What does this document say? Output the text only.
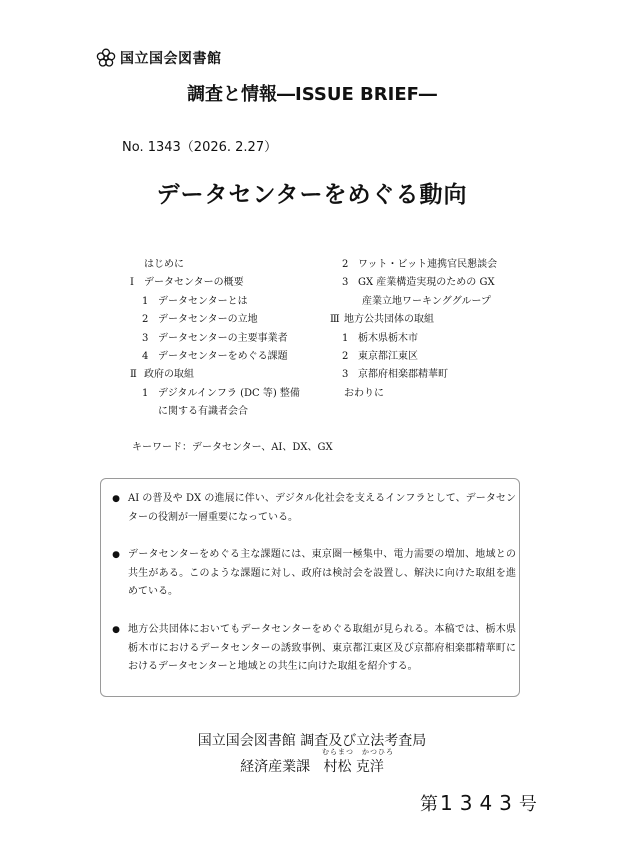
国立国会図書館
調査と情報―ISSUE BRIEF―
No. 1343（2026. 2.27）
データセンターをめぐる動向
はじめに
Ⅰ	データセンターの概要
1 データセンターとは
2 データセンターの立地
3 データセンターの主要事業者
4 データセンターをめぐる課題
Ⅱ 政府の取組
1 デジタルインフラ (DC 等) 整備
に関する有識者会合
2 ワット・ビット連携官民懇談会
3 GX 産業構造実現のための GX
産業立地ワーキンググループ
Ⅲ 地方公共団体の取組
1 栃木県栃木市
2 東京都江東区
3 京都府相楽郡精華町
おわりに
キーワード：データセンター、AI、DX、GX
● AI の普及や DX の進展に伴い、デジタル化社会を支えるインフラとして、データセンターの役割が一層重要になっている。
● データセンターをめぐる主な課題には、東京圏一極集中、電力需要の増加、地域との共生がある。このような課題に対し、政府は検討会を設置し、解決に向けた取組を進めている。
● 地方公共団体においてもデータセンターをめぐる取組が見られる。本稿では、栃木県栃木市におけるデータセンターの誘致事例、東京都江東区及び京都府相楽郡精華町におけるデータセンターと地域との共生に向けた取組を紹介する。
国立国会図書館 調査及び立法考査局
むらまつ　かつひろ
経済産業課 村松 克洋
第1343号
